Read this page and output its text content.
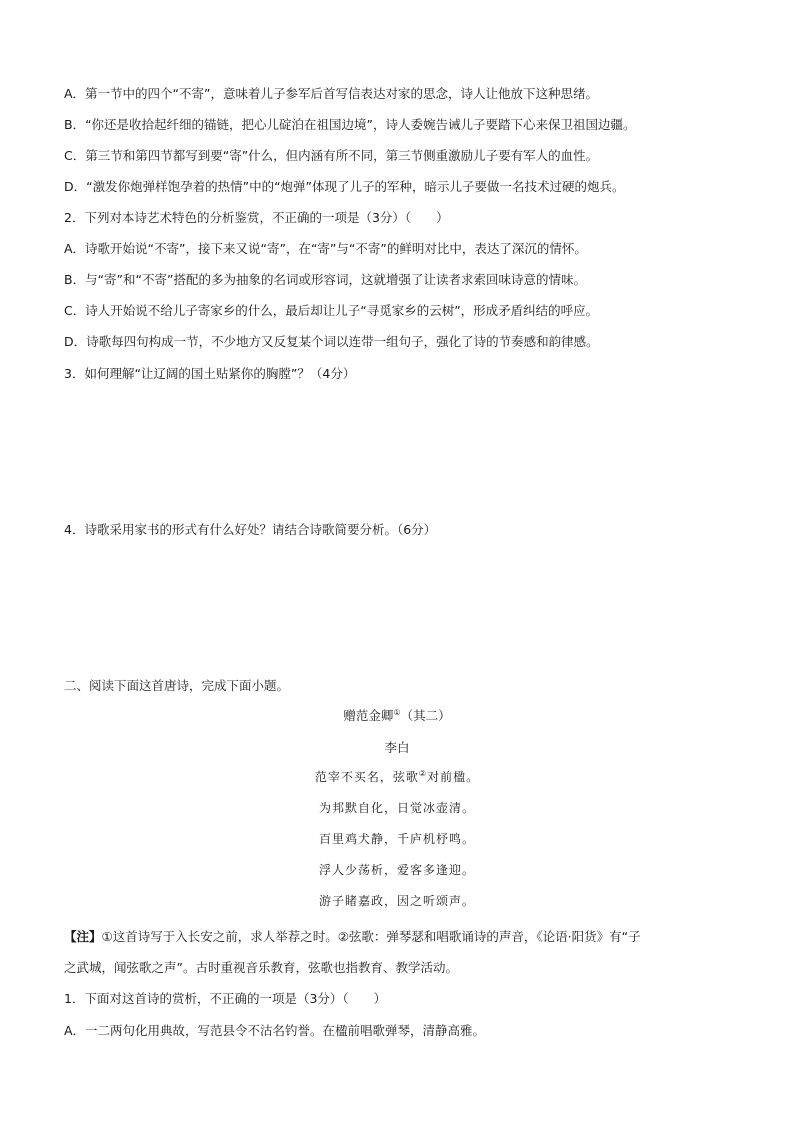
A．第一节中的四个“不寄”，意味着儿子参军后首写信表达对家的思念，诗人让他放下这种思绪。
B．“你还是收拾起纤细的锚链，把心儿碇泊在祖国边境”，诗人委婉告诫儿子要踏下心来保卫祖国边疆。
C．第三节和第四节都写到要“寄”什么，但内涵有所不同，第三节侧重激励儿子要有军人的血性。
D．“激发你炮弹样饱孕着的热情”中的“炮弹”体现了儿子的军种，暗示儿子要做一名技术过硬的炮兵。
2．下列对本诗艺术特色的分析鉴赏，不正确的一项是（3分）（　　）
A．诗歌开始说“不寄”，接下来又说“寄”，在“寄”与“不寄”的鲜明对比中，表达了深沉的情怀。
B．与“寄”和“不寄”搭配的多为抽象的名词或形容词，这就增强了让读者求索回味诗意的情味。
C．诗人开始说不给儿子寄家乡的什么，最后却让儿子“寻觅家乡的云树”，形成矛盾纠结的呼应。
D．诗歌每四句构成一节，不少地方又反复某个词以连带一组句子，强化了诗的节奏感和韵律感。
3．如何理解“让辽阔的国土贴紧你的胸膛”？（4分）
4．诗歌采用家书的形式有什么好处？请结合诗歌简要分析。（6分）
二、阅读下面这首唐诗，完成下面小题。
赠范金卿①（其二）
李白
范宰不买名，弦歌②对前楹。
为邦默自化，日觉冰壶清。
百里鸡犬静，千庐机杼鸣。
浮人少荡析，爱客多逢迎。
游子睹嘉政，因之听颂声。
【注】①这首诗写于入长安之前，求人举荐之时。②弦歌：弹琴瑟和唱歌诵诗的声音，《论语·阳货》有“子
之武城，闻弦歌之声”。古时重视音乐教育，弦歌也指教育、教学活动。
1．下面对这首诗的赏析，不正确的一项是（3分）（　　）
A．一二两句化用典故，写范县令不沽名钓誉。在楹前唱歌弹琴，清静高雅。
